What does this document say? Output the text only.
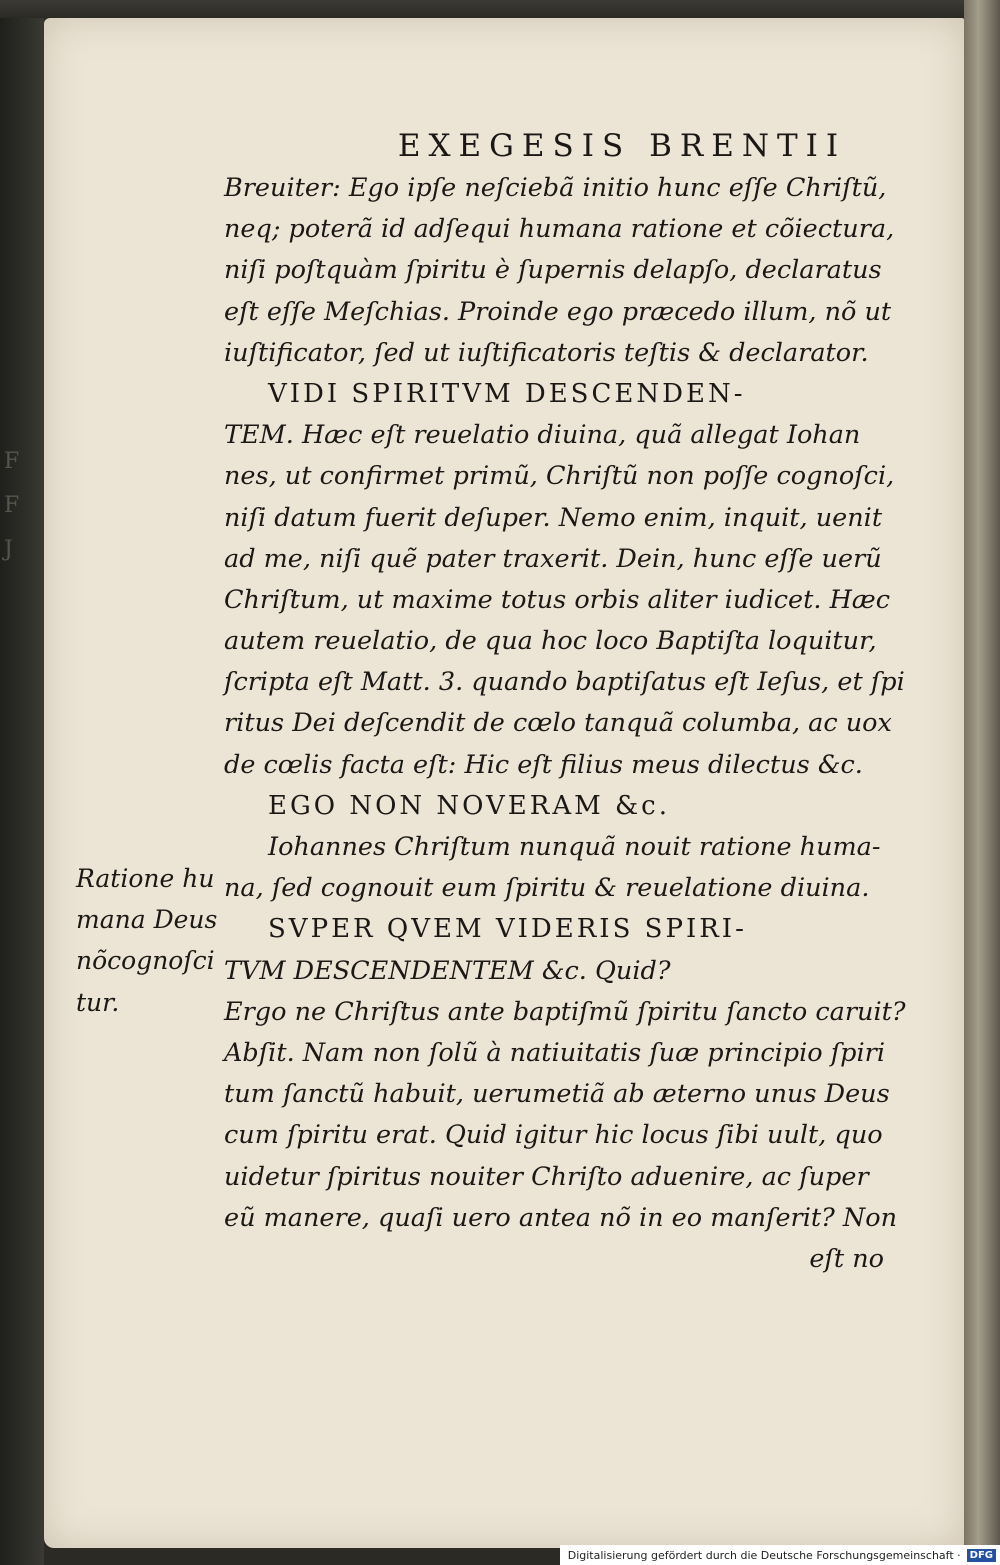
F
F
J
EXEGESIS BRENTII
Breuiter: Ego ipſe neſciebã initio hunc eſſe Chriſtũ,
neq; poterã id adſequi humana ratione et cõiectura,
niſi poſtquàm ſpiritu è ſupernis delapſo, declaratus
eſt eſſe Meſchias. Proinde ego præcedo illum, nõ ut
iuſtificator, ſed ut iuſtificatoris teſtis & declarator.
VIDI SPIRITVM DESCENDEN-
TEM. Hæc eſt reuelatio diuina, quã allegat Iohan
nes, ut confirmet primũ, Chriſtũ non poſſe cognoſci,
niſi datum fuerit deſuper. Nemo enim, inquit, uenit
ad me, niſi quẽ pater traxerit. Dein, hunc eſſe uerũ
Chriſtum, ut maxime totus orbis aliter iudicet. Hæc
autem reuelatio, de qua hoc loco Baptiſta loquitur,
ſcripta eſt Matt. 3. quando baptiſatus eſt Ieſus, et ſpi
ritus Dei deſcendit de cœlo tanquã columba, ac uox
de cœlis facta eſt: Hic eſt filius meus dilectus &c.
EGO NON NOVERAM &c.
Iohannes Chriſtum nunquã nouit ratione huma-
na, ſed cognouit eum ſpiritu & reuelatione diuina.
SVPER QVEM VIDERIS SPIRI-
TVM DESCENDENTEM &c. Quid?
Ergo ne Chriſtus ante baptiſmũ ſpiritu ſancto caruit?
Abſit. Nam non ſolũ à natiuitatis ſuæ principio ſpiri
tum ſanctũ habuit, uerumetiã ab æterno unus Deus
cum ſpiritu erat. Quid igitur hic locus ſibi uult, quo
uidetur ſpiritus nouiter Chriſto aduenire, ac ſuper
eũ manere, quaſi uero antea nõ in eo manſerit? Non
eſt no
Ratione hu
mana Deus
nõcognoſci
tur.
Digitalisierung gefördert durch die Deutsche Forschungsgemeinschaft · DFG
